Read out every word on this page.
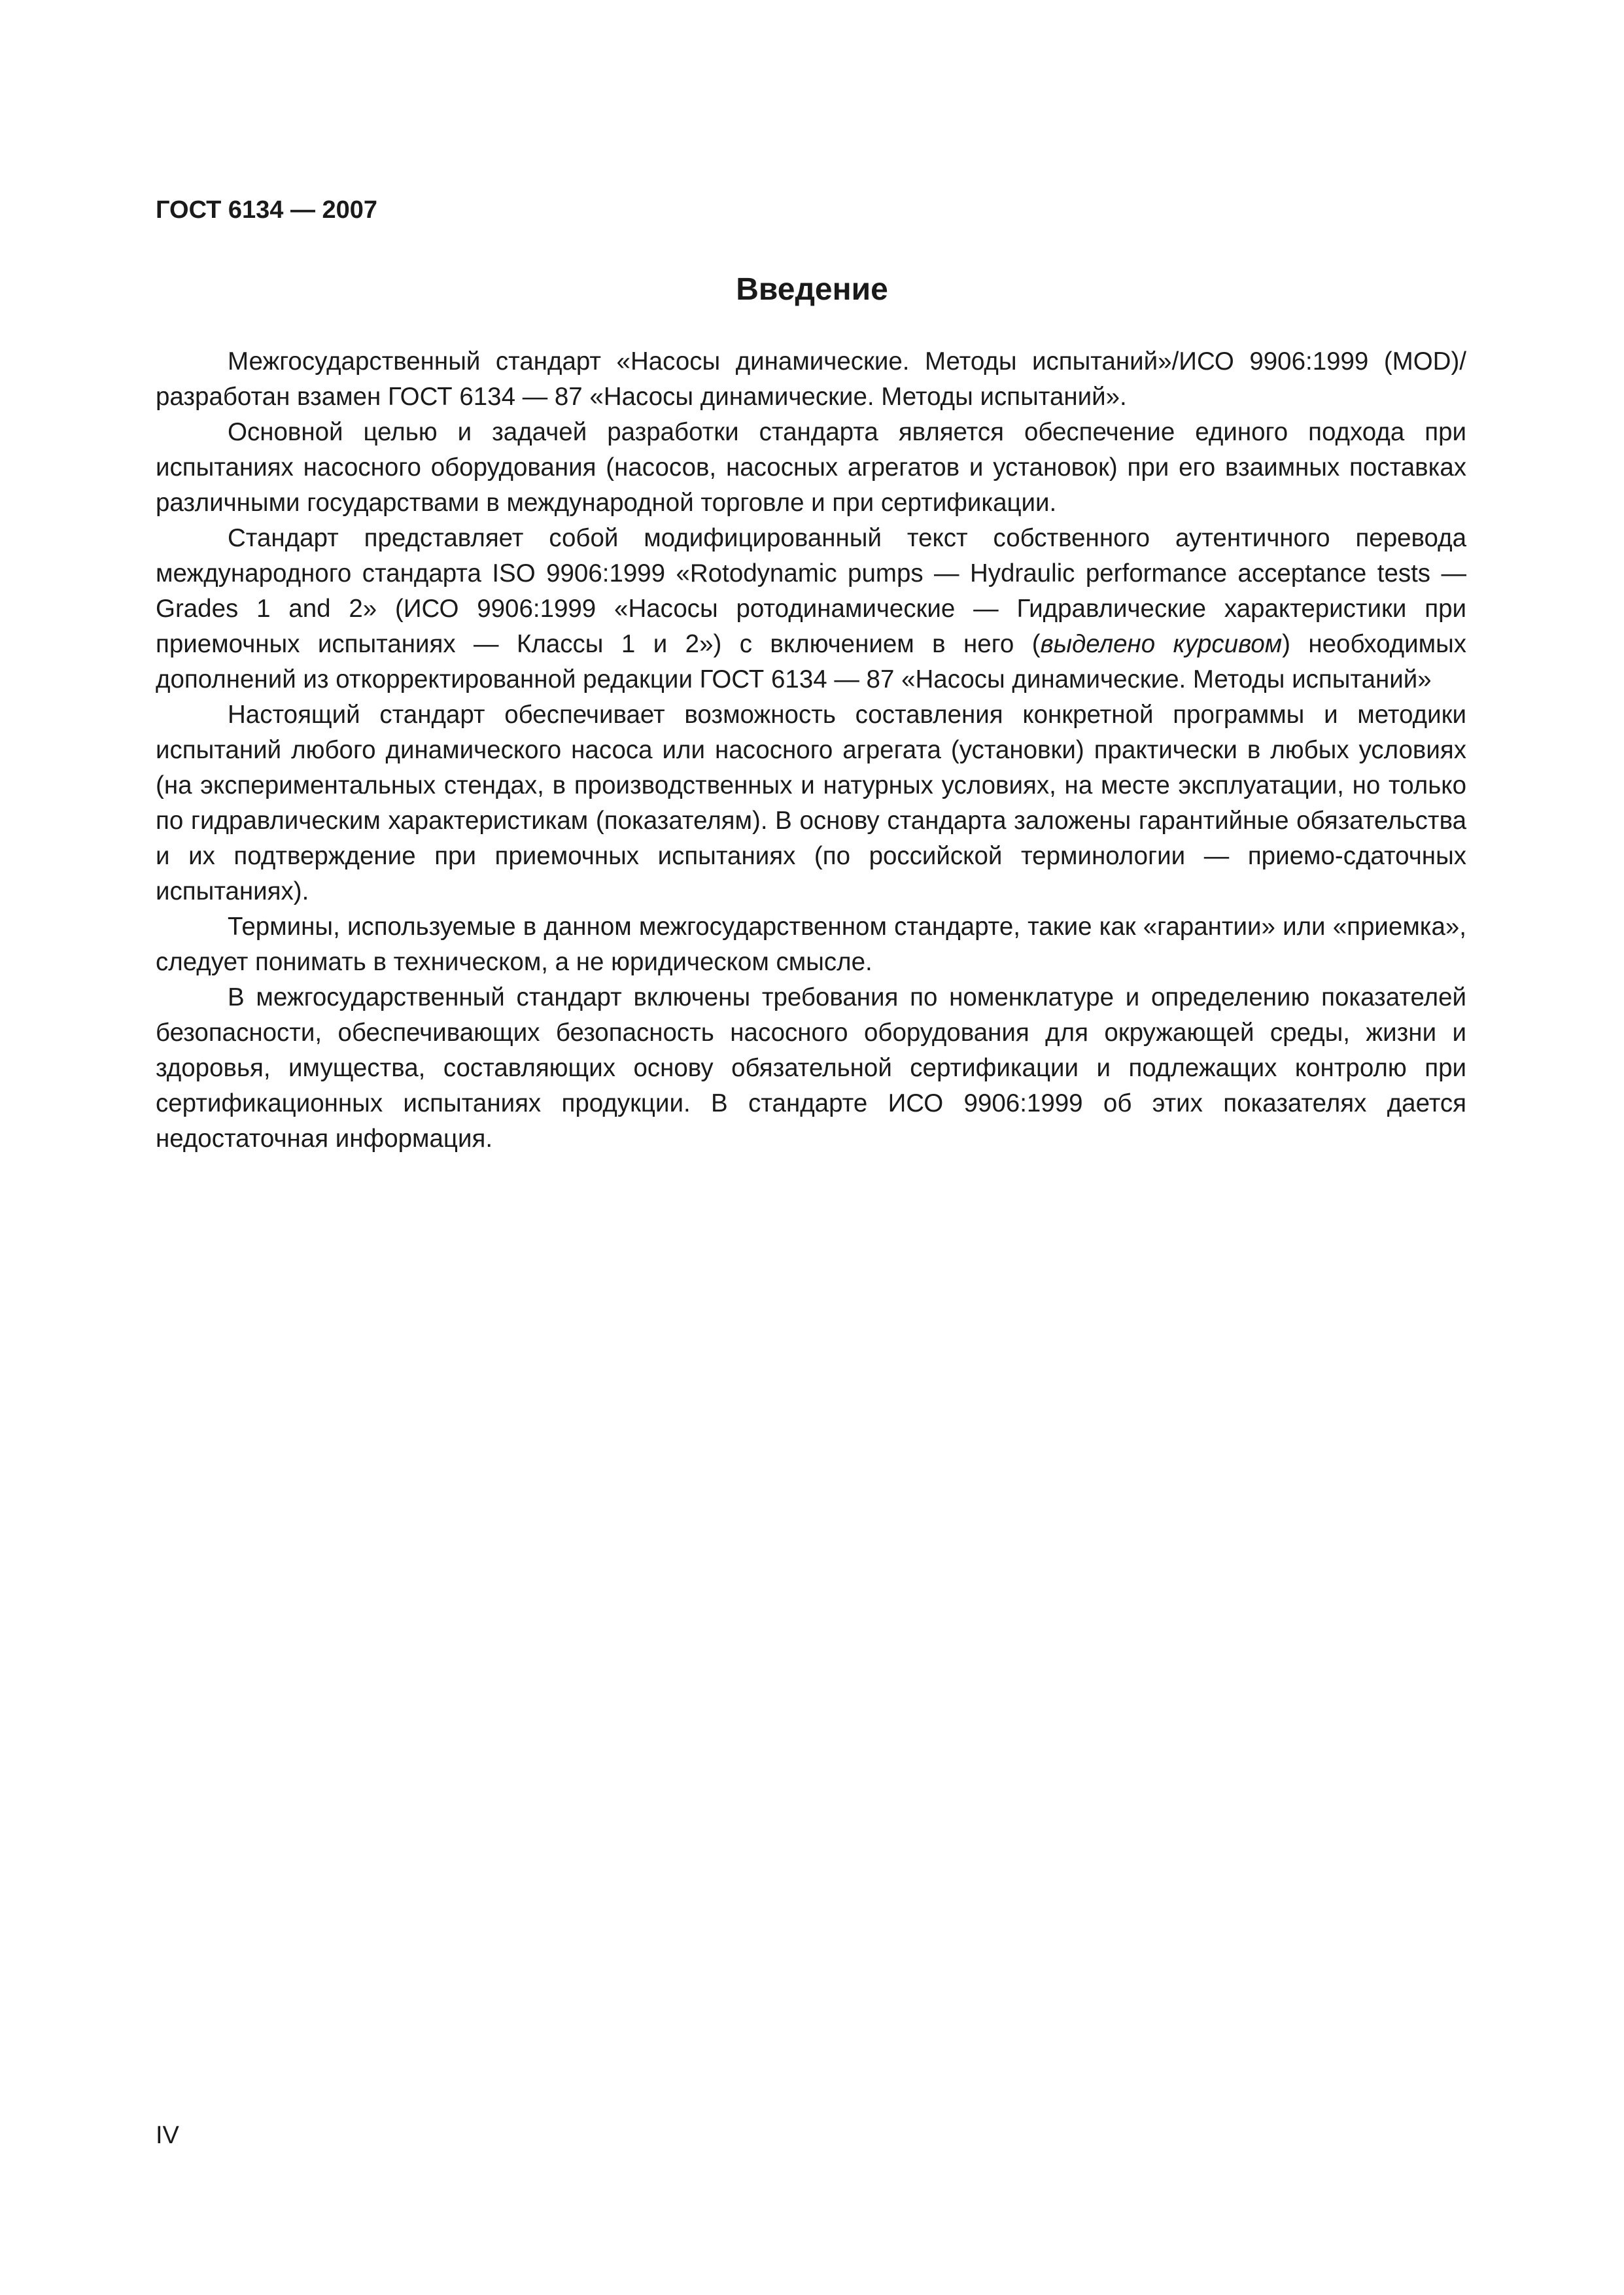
ГОСТ 6134 — 2007
Введение

Межгосударственный стандарт «Насосы динамические. Методы испытаний»/ИСО 9906:1999 (MOD)/ разработан взамен ГОСТ 6134 — 87 «Насосы динамические. Методы испытаний».

Основной целью и задачей разработки стандарта является обеспечение единого подхода при испытаниях насосного оборудования (насосов, насосных агрегатов и установок) при его взаимных поставках различными государствами в международной торговле и при сертификации.

Стандарт представляет собой модифицированный текст собственного аутентичного перевода международного стандарта ISO 9906:1999 «Rotodynamic pumps — Hydraulic performance acceptance tests — Grades 1 and 2» (ИСО 9906:1999 «Насосы ротодинамические — Гидравлические характеристики при приемочных испытаниях — Классы 1 и 2») с включением в него (выделено курсивом) необходимых дополнений из откорректированной редакции ГОСТ 6134 — 87 «Насосы динамические. Методы испытаний»

Настоящий стандарт обеспечивает возможность составления конкретной программы и методики испытаний любого динамического насоса или насосного агрегата (установки) практически в любых условиях (на экспериментальных стендах, в производственных и натурных условиях, на месте эксплуатации, но только по гидравлическим характеристикам (показателям). В основу стандарта заложены гарантийные обязательства и их подтверждение при приемочных испытаниях (по российской терминологии — приемо-сдаточных испытаниях).

Термины, используемые в данном межгосударственном стандарте, такие как «гарантии» или «приемка», следует понимать в техническом, а не юридическом смысле.

В межгосударственный стандарт включены требования по номенклатуре и определению показателей безопасности, обеспечивающих безопасность насосного оборудования для окружающей среды, жизни и здоровья, имущества, составляющих основу обязательной сертификации и подлежащих контролю при сертификационных испытаниях продукции. В стандарте ИСО 9906:1999 об этих показателях дается недостаточная информация.

IV
